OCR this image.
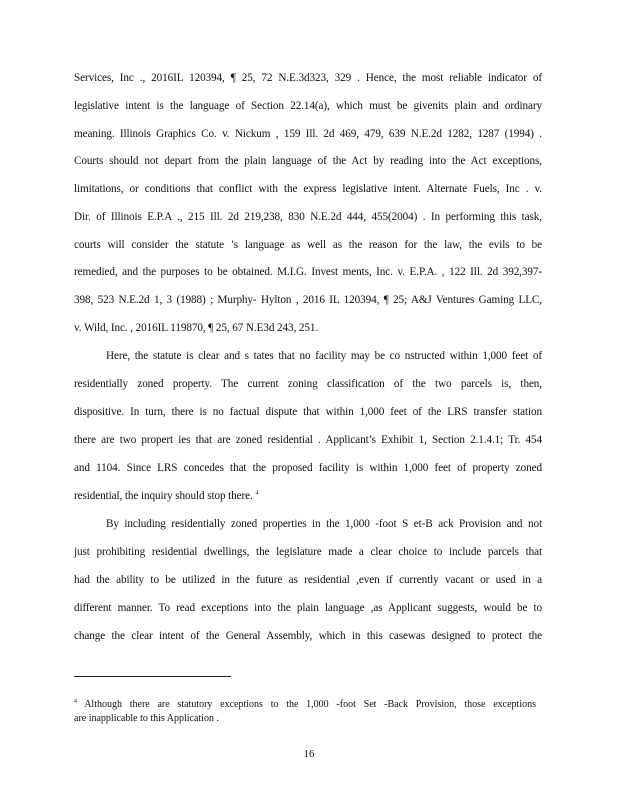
Services, Inc ., 2016IL 120394, ¶ 25, 72 N.E.3d323, 329 . Hence, the most reliable indicator of
legislative intent is the language of Section 22.14(a), which must be givenits plain and ordinary
meaning. Illinois Graphics Co. v. Nickum , 159 Ill. 2d 469, 479, 639 N.E.2d 1282, 1287 (1994) .
Courts should not depart from the plain language of the Act by reading into the Act exceptions,
limitations, or conditions that conflict with the express legislative intent. Alternate Fuels, Inc . v.
Dir. of Illinois E.P.A ., 215 Ill. 2d 219,238, 830 N.E.2d 444, 455(2004) . In performing this task,
courts will consider the statute ’s language as well as the reason for the law, the evils to be
remedied, and the purposes to be obtained. M.I.G. Invest ments, Inc. v. E.P.A. , 122 Ill. 2d 392,397-
398, 523 N.E.2d 1, 3 (1988) ; Murphy- Hylton , 2016 IL 120394, ¶ 25; A&J Ventures Gaming LLC,
v. Wild, Inc. , 2016IL 119870, ¶ 25, 67 N.E3d 243, 251.
Here, the statute is clear and s tates that no facility may be co nstructed within 1,000 feet of
residentially zoned property. The current zoning classification of the two parcels is, then,
dispositive. In turn, there is no factual dispute that within 1,000 feet of the LRS transfer station
there are two propert ies that are zoned residential . Applicant’s Exhibit 1, Section 2.1.4.1; Tr. 454
and 1104. Since LRS concedes that the proposed facility is within 1,000 feet of property zoned
residential, the inquiry should stop there. $^4$
By including residentially zoned properties in the 1,000 -foot S et-B ack Provision and not
just prohibiting residential dwellings, the legislature made a clear choice to include parcels that
had the ability to be utilized in the future as residential ,even if currently vacant or used in a
different manner. To read exceptions into the plain language ,as Applicant suggests, would be to
change the clear intent of the General Assembly, which in this casewas designed to protect the
$^4$ Although there are statutory exceptions to the 1,000 -foot Set -Back Provision, those exceptions
are inapplicable to this Application .
16
